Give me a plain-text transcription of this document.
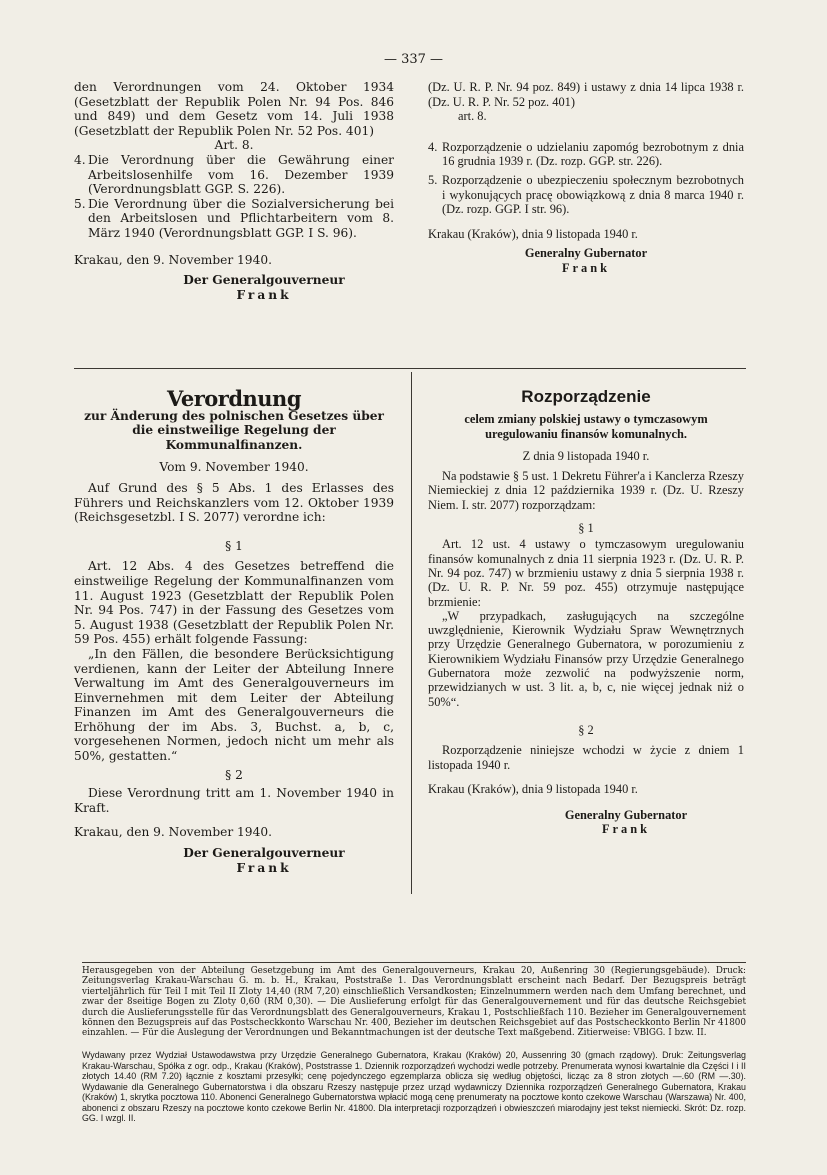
— 337 —

den Verordnungen vom 24. Oktober 1934 (Gesetzblatt der Republik Polen Nr. 94 Pos. 846 und 849) und dem Gesetz vom 14. Juli 1938 (Gesetzblatt der Republik Polen Nr. 52 Pos. 401)

Art. 8.

4. Die Verordnung über die Gewährung einer Arbeitslosenhilfe vom 16. Dezember 1939 (Verordnungsblatt GGP. S. 226).
5. Die Verordnung über die Sozialversicherung bei den Arbeitslosen und Pflichtarbeitern vom 8. März 1940 (Verordnungsblatt GGP. I S. 96).

Krakau, den 9. November 1940.

Der Generalgouverneur

Frank

(Dz. U. R. P. Nr. 94 poz. 849) i ustawy z dnia 14 lipca 1938 r. (Dz. U. R. P. Nr. 52 poz. 401)

art. 8.

4. Rozporządzenie o udzielaniu zapomóg bezrobotnym z dnia 16 grudnia 1939 r. (Dz. rozp. GGP. str. 226).
5. Rozporządzenie o ubezpieczeniu społecznym bezrobotnych i wykonujących pracę obowiązkową z dnia 8 marca 1940 r. (Dz. rozp. GGP. I str. 96).

Krakau (Kraków), dnia 9 listopada 1940 r.

Generalny Gubernator

Frank

Verordnung

zur Änderung des polnischen Gesetzes über die einstweilige Regelung der Kommunalfinanzen.

Vom 9. November 1940.

Auf Grund des § 5 Abs. 1 des Erlasses des Führers und Reichskanzlers vom 12. Oktober 1939 (Reichsgesetzbl. I S. 2077) verordne ich:

§ 1

Art. 12 Abs. 4 des Gesetzes betreffend die einstweilige Regelung der Kommunalfinanzen vom 11. August 1923 (Gesetzblatt der Republik Polen Nr. 94 Pos. 747) in der Fassung des Gesetzes vom 5. August 1938 (Gesetzblatt der Republik Polen Nr. 59 Pos. 455) erhält folgende Fassung:

„In den Fällen, die besondere Berücksichtigung verdienen, kann der Leiter der Abteilung Innere Verwaltung im Amt des Generalgouverneurs im Einvernehmen mit dem Leiter der Abteilung Finanzen im Amt des Generalgouverneurs die Erhöhung der im Abs. 3, Buchst. a, b, c, vorgesehenen Normen, jedoch nicht um mehr als 50%, gestatten.“

§ 2

Diese Verordnung tritt am 1. November 1940 in Kraft.

Krakau, den 9. November 1940.

Der Generalgouverneur

Frank

Rozporządzenie

celem zmiany polskiej ustawy o tymczasowym uregulowaniu finansów komunalnych.

Z dnia 9 listopada 1940 r.

Na podstawie § 5 ust. 1 Dekretu Führer'a i Kanclerza Rzeszy Niemieckiej z dnia 12 października 1939 r. (Dz. U. Rzeszy Niem. I. str. 2077) rozporządzam:

§ 1

Art. 12 ust. 4 ustawy o tymczasowym uregulowaniu finansów komunalnych z dnia 11 sierpnia 1923 r. (Dz. U. R. P. Nr. 94 poz. 747) w brzmieniu ustawy z dnia 5 sierpnia 1938 r. (Dz. U. R. P. Nr. 59 poz. 455) otrzymuje następujące brzmienie:

„W przypadkach, zasługujących na szczególne uwzględnienie, Kierownik Wydziału Spraw Wewnętrznych przy Urzędzie Generalnego Gubernatora, w porozumieniu z Kierownikiem Wydziału Finansów przy Urzędzie Generalnego Gubernatora może zezwolić na podwyższenie norm, przewidzianych w ust. 3 lit. a, b, c, nie więcej jednak niż o 50%“.

§ 2

Rozporządzenie niniejsze wchodzi w życie z dniem 1 listopada 1940 r.

Krakau (Kraków), dnia 9 listopada 1940 r.

Generalny Gubernator

Frank

Herausgegeben von der Abteilung Gesetzgebung im Amt des Generalgouverneurs, Krakau 20, Außenring 30 (Regierungsgebäude). Druck: Zeitungsverlag Krakau-Warschau G. m. b. H., Krakau, Poststraße 1. Das Verordnungsblatt erscheint nach Bedarf. Der Bezugspreis beträgt vierteljährlich für Teil I mit Teil II Zloty 14,40 (RM 7,20) einschließlich Versandkosten; Einzelnummern werden nach dem Umfang berechnet, und zwar der 8seitige Bogen zu Zloty 0,60 (RM 0,30). — Die Auslieferung erfolgt für das Generalgouvernement und für das deutsche Reichsgebiet durch die Auslieferungsstelle für das Verordnungsblatt des Generalgouverneurs, Krakau 1, Postschließfach 110. Bezieher im Generalgouvernement können den Bezugspreis auf das Postscheckkonto Warschau Nr. 400, Bezieher im deutschen Reichsgebiet auf das Postscheckkonto Berlin Nr 41800 einzahlen. — Für die Auslegung der Verordnungen und Bekanntmachungen ist der deutsche Text maßgebend. Zitierweise: VBlGG. I bzw. II.

Wydawany przez Wydział Ustawodawstwa przy Urzędzie Generalnego Gubernatora, Krakau (Kraków) 20, Aussenring 30 (gmach rządowy). Druk: Zeitungsverlag Krakau-Warschau, Spółka z ogr. odp., Krakau (Kraków), Poststrasse 1. Dziennik rozporządzeń wychodzi wedle potrzeby. Prenumerata wynosi kwartalnie dla Części I i II złotych 14.40 (RM 7.20) łącznie z kosztami przesyłki; cenę pojedynczego egzemplarza oblicza się według objętości, licząc za 8 stron złotych —.60 (RM —.30). Wydawanie dla Generalnego Gubernatorstwa i dla obszaru Rzeszy następuje przez urząd wydawniczy Dziennika rozporządzeń Generalnego Gubernatora, Krakau (Kraków) 1, skrytka pocztowa 110. Abonenci Generalnego Gubernatorstwa wpłacić mogą cenę prenumeraty na pocztowe konto czekowe Warschau (Warszawa) Nr. 400, abonenci z obszaru Rzeszy na pocztowe konto czekowe Berlin Nr. 41800. Dla interpretacji rozporządzeń i obwieszczeń miarodajny jest tekst niemiecki. Skrót: Dz. rozp. GG. I wzgl. II.
